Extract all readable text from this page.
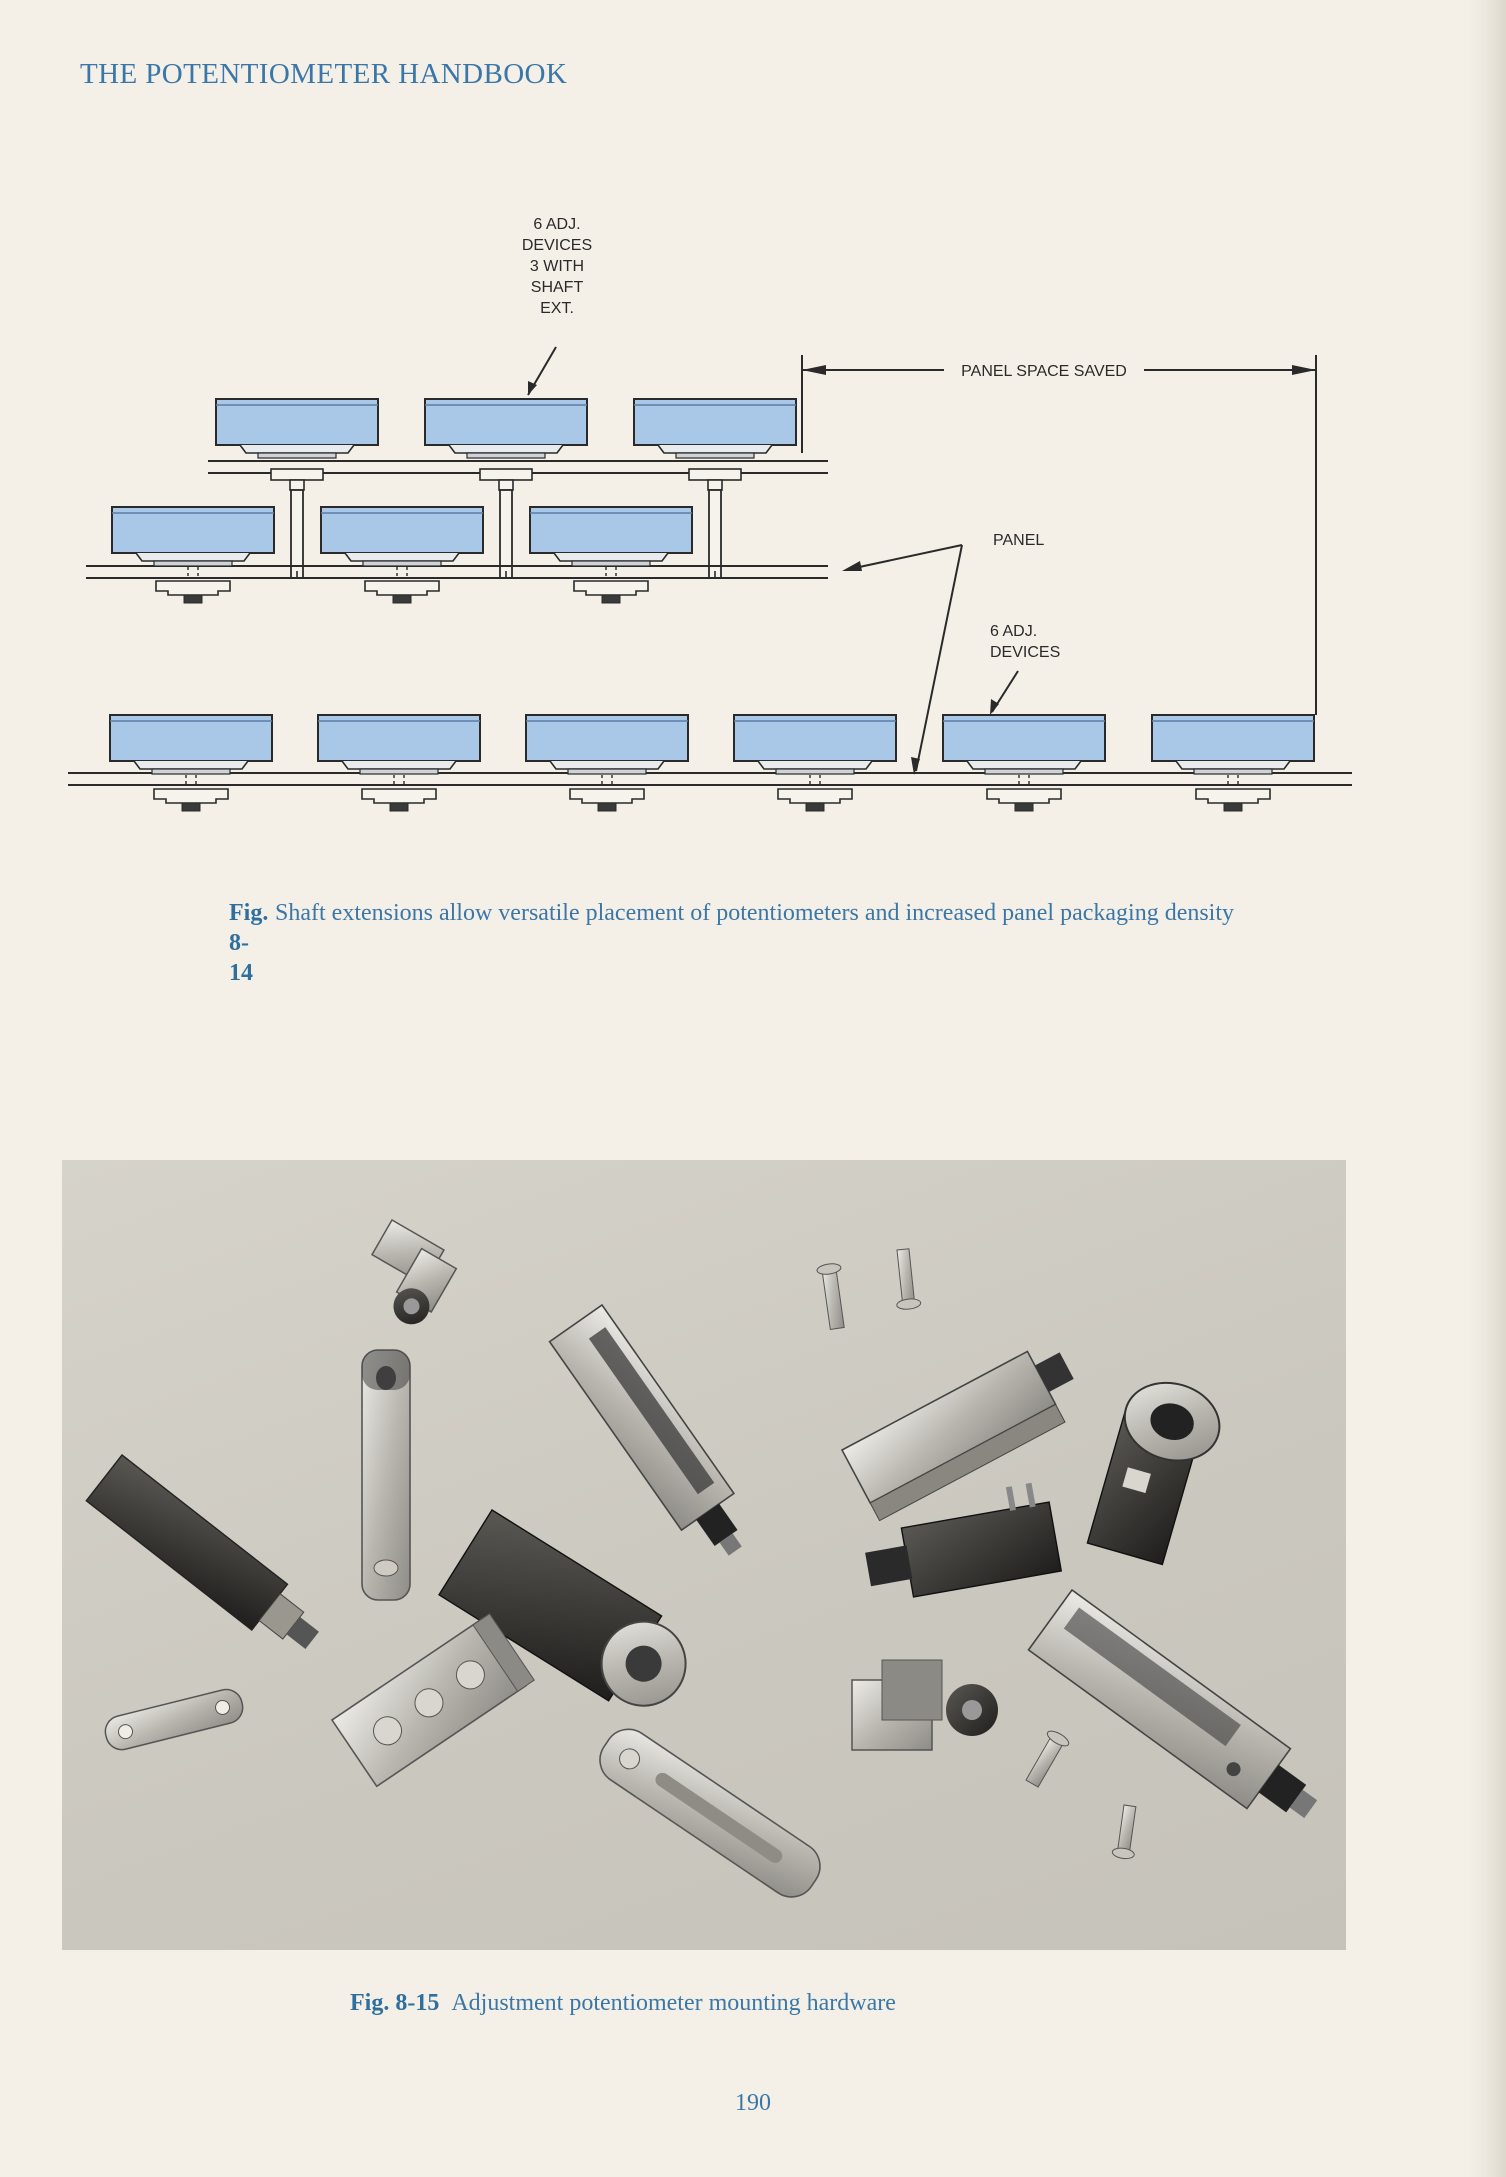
THE POTENTIOMETER HANDBOOK
6 ADJ.
DEVICES
3 WITH
SHAFT
EXT.
PANEL SPACE SAVED
PANEL
6 ADJ.
DEVICES
Fig. 8-14 Shaft extensions allow versatile placement of potentiometers and increased panel packaging density
Fig. 8-15 Adjustment potentiometer mounting hardware
190
